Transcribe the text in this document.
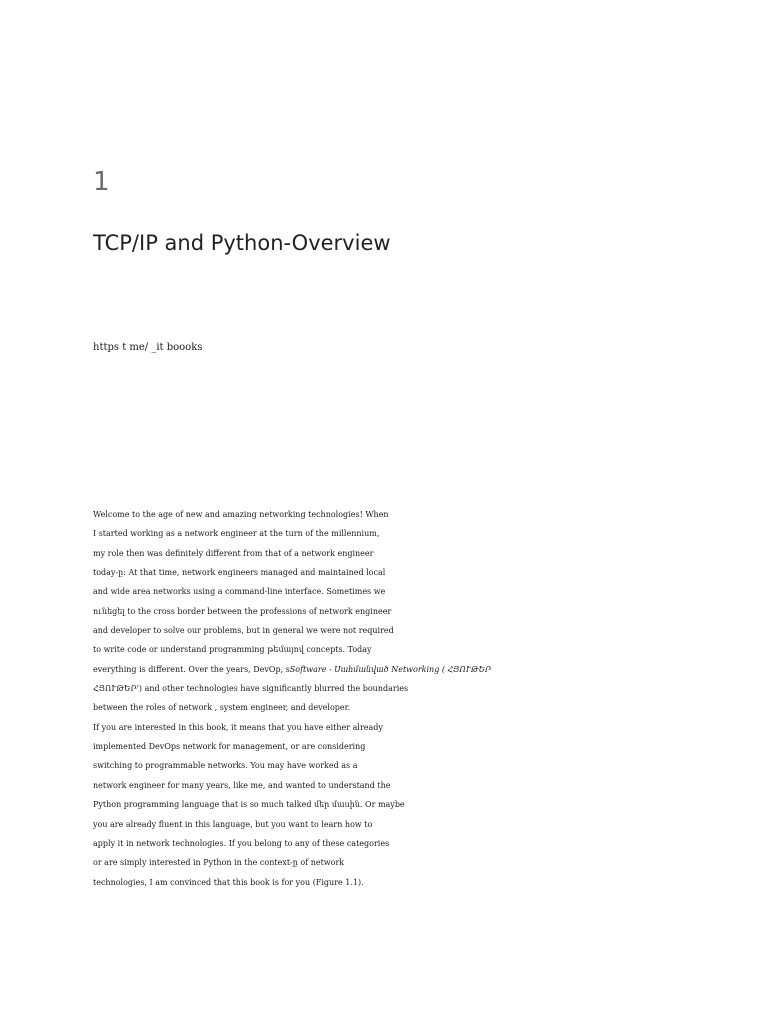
1
TCP/IP and Python-Overview
https t me/ _it boooks
Welcome to the age of new and amazing networking technologies! When
I started working as a network engineer at the turn of the millennium,
my role then was definitely different from that of a network engineer
today-ը: At that time, network engineers managed and maintained local
and wide area networks using a command-line interface. Sometimes we
ունեցել to the cross border between the professions of network engineer
and developer to solve our problems, but in general we were not required
to write code or understand programming թեմայով concepts. Today
everything is different. Over the years, DevOp, sSoftware - Սահմանված Networking ( ՀՅՈՒԹԵՐ
ՀՅՈՒԹԵՐ') and other technologies have significantly blurred the boundaries
between the roles of network , system engineer, and developer.
If you are interested in this book, it means that you have either already
implemented DevOps network for management, or are considering
switching to programmable networks. You may have worked as a
network engineer for many years, like me, and wanted to understand the
Python programming language that is so much talked մեր մասին. Or maybe
you are already fluent in this language, but you want to learn how to
apply it in network technologies. If you belong to any of these categories
or are simply interested in Python in the context-ը of network
technologies, I am convinced that this book is for you (Figure 1.1).
